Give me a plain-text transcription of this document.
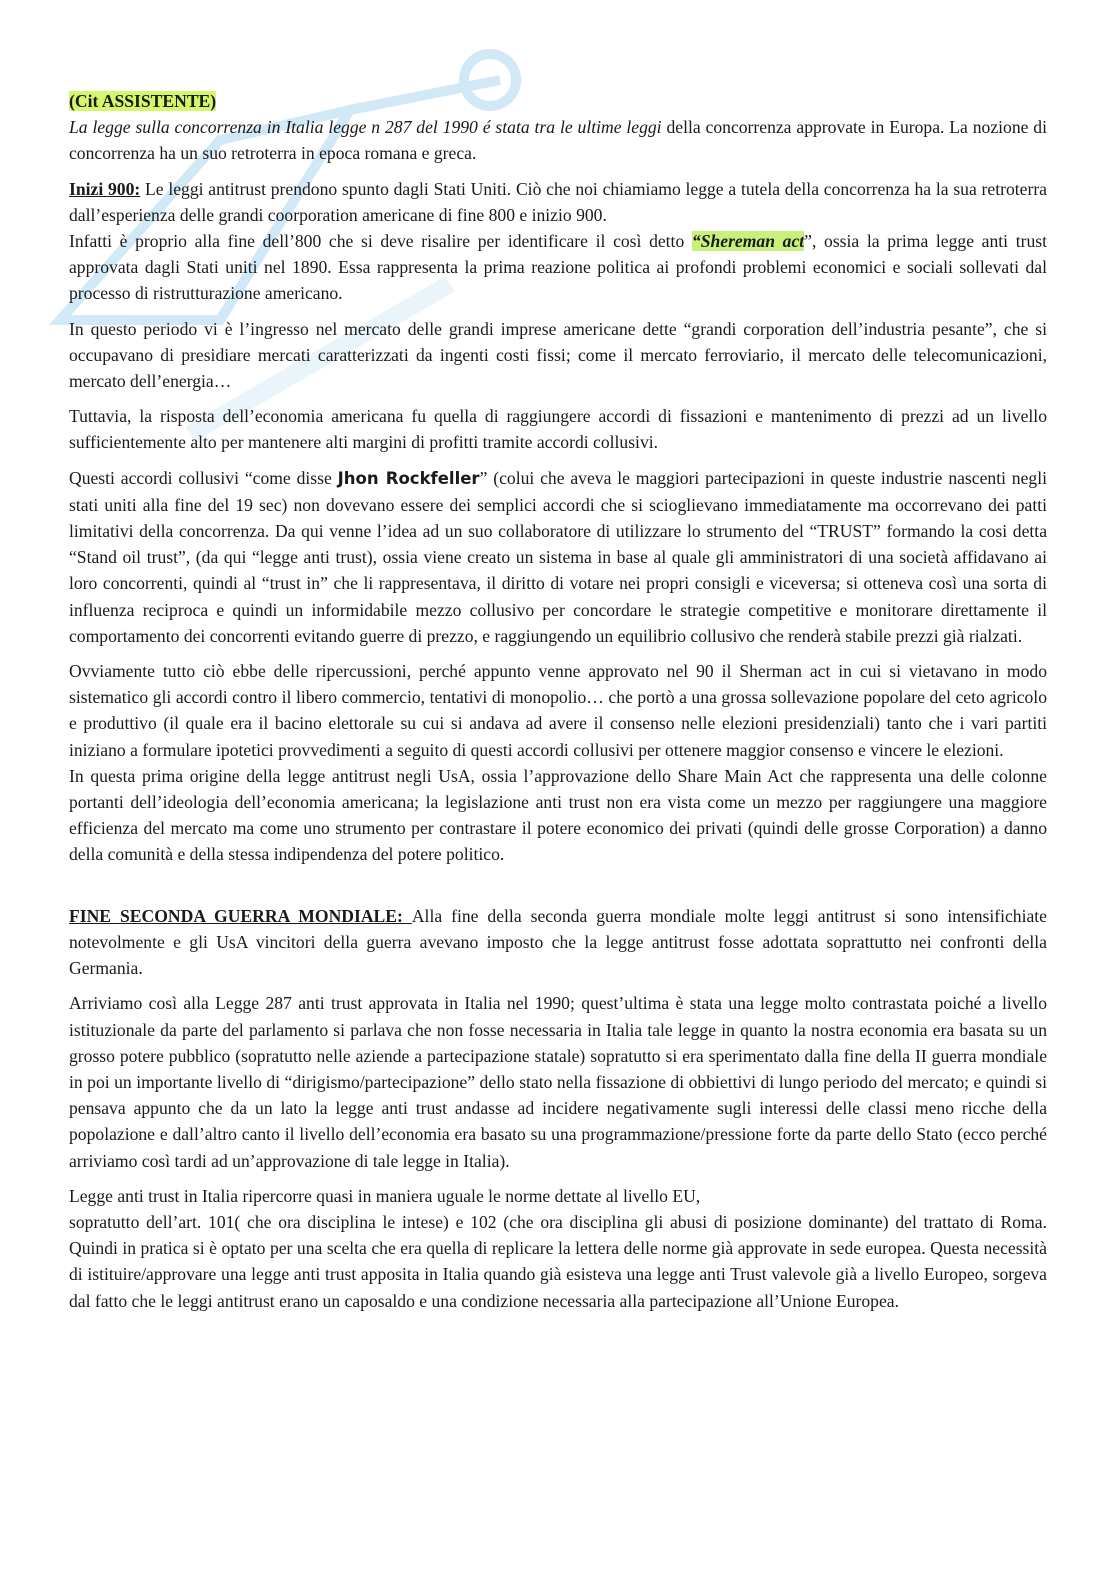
(Cit ASSISTENTE)

La legge sulla concorrenza in Italia legge n 287 del 1990 é stata tra le ultime leggi della concorrenza approvate in Europa. La nozione di concorrenza ha un suo retroterra in epoca romana e greca.

Inizi 900: Le leggi antitrust prendono spunto dagli Stati Uniti. Ciò che noi chiamiamo legge a tutela della concorrenza ha la sua retroterra dall’esperienza delle grandi coorporation americane di fine 800 e inizio 900.

Infatti è proprio alla fine dell’800 che si deve risalire per identificare il così detto “Shereman act”, ossia la prima legge anti trust approvata dagli Stati uniti nel 1890. Essa rappresenta la prima reazione politica ai profondi problemi economici e sociali sollevati dal processo di ristrutturazione americano.

In questo periodo vi è l’ingresso nel mercato delle grandi imprese americane dette “grandi corporation dell’industria pesante”, che si occupavano di presidiare mercati caratterizzati da ingenti costi fissi; come il mercato ferroviario, il mercato delle telecomunicazioni, mercato dell’energia…

Tuttavia, la risposta dell’economia americana fu quella di raggiungere accordi di fissazioni e mantenimento di prezzi ad un livello sufficientemente alto per mantenere alti margini di profitti tramite accordi collusivi.

Questi accordi collusivi “come disse Jhon Rockfeller” (colui che aveva le maggiori partecipazioni in queste industrie nascenti negli stati uniti alla fine del 19 sec) non dovevano essere dei semplici accordi che si scioglievano immediatamente ma occorrevano dei patti limitativi della concorrenza. Da qui venne l’idea ad un suo collaboratore di utilizzare lo strumento del “TRUST” formando la cosi detta “Stand oil trust”, (da qui “legge anti trust), ossia viene creato un sistema in base al quale gli amministratori di una società affidavano ai loro concorrenti, quindi al “trust in” che li rappresentava, il diritto di votare nei propri consigli e viceversa; si otteneva così una sorta di influenza reciproca e quindi un informidabile mezzo collusivo per concordare le strategie competitive e monitorare direttamente il comportamento dei concorrenti evitando guerre di prezzo, e raggiungendo un equilibrio collusivo che renderà stabile prezzi già rialzati.

Ovviamente tutto ciò ebbe delle ripercussioni, perché appunto venne approvato nel 90 il Sherman act in cui si vietavano in modo sistematico gli accordi contro il libero commercio, tentativi di monopolio… che portò a una grossa sollevazione popolare del ceto agricolo e produttivo (il quale era il bacino elettorale su cui si andava ad avere il consenso nelle elezioni presidenziali) tanto che i vari partiti iniziano a formulare ipotetici provvedimenti a seguito di questi accordi collusivi per ottenere maggior consenso e vincere le elezioni.

In questa prima origine della legge antitrust negli UsA, ossia l’approvazione dello Share Main Act che rappresenta una delle colonne portanti dell’ideologia dell’economia americana; la legislazione anti trust non era vista come un mezzo per raggiungere una maggiore efficienza del mercato ma come uno strumento per contrastare il potere economico dei privati (quindi delle grosse Corporation) a danno della comunità e della stessa indipendenza del potere politico.

FINE SECONDA GUERRA MONDIALE: Alla fine della seconda guerra mondiale molte leggi antitrust si sono intensifichiate notevolmente e gli UsA vincitori della guerra avevano imposto che la legge antitrust fosse adottata soprattutto nei confronti della Germania.

Arriviamo così alla Legge 287 anti trust approvata in Italia nel 1990; quest’ultima è stata una legge molto contrastata poiché a livello istituzionale da parte del parlamento si parlava che non fosse necessaria in Italia tale legge in quanto la nostra economia era basata su un grosso potere pubblico (sopratutto nelle aziende a partecipazione statale) sopratutto si era sperimentato dalla fine della II guerra mondiale in poi un importante livello di “dirigismo/partecipazione” dello stato nella fissazione di obbiettivi di lungo periodo del mercato; e quindi si pensava appunto che da un lato la legge anti trust andasse ad incidere negativamente sugli interessi delle classi meno ricche della popolazione e dall’altro canto il livello dell’economia era basato su una programmazione/pressione forte da parte dello Stato (ecco perché arriviamo così tardi ad un’approvazione di tale legge in Italia).

Legge anti trust in Italia ripercorre quasi in maniera uguale le norme dettate al livello EU,

sopratutto dell’art. 101( che ora disciplina le intese) e 102 (che ora disciplina gli abusi di posizione dominante) del trattato di Roma. Quindi in pratica si è optato per una scelta che era quella di replicare la lettera delle norme già approvate in sede europea. Questa necessità di istituire/approvare una legge anti trust apposita in Italia quando già esisteva una legge anti Trust valevole già a livello Europeo, sorgeva dal fatto che le leggi antitrust erano un caposaldo e una condizione necessaria alla partecipazione all’Unione Europea.
